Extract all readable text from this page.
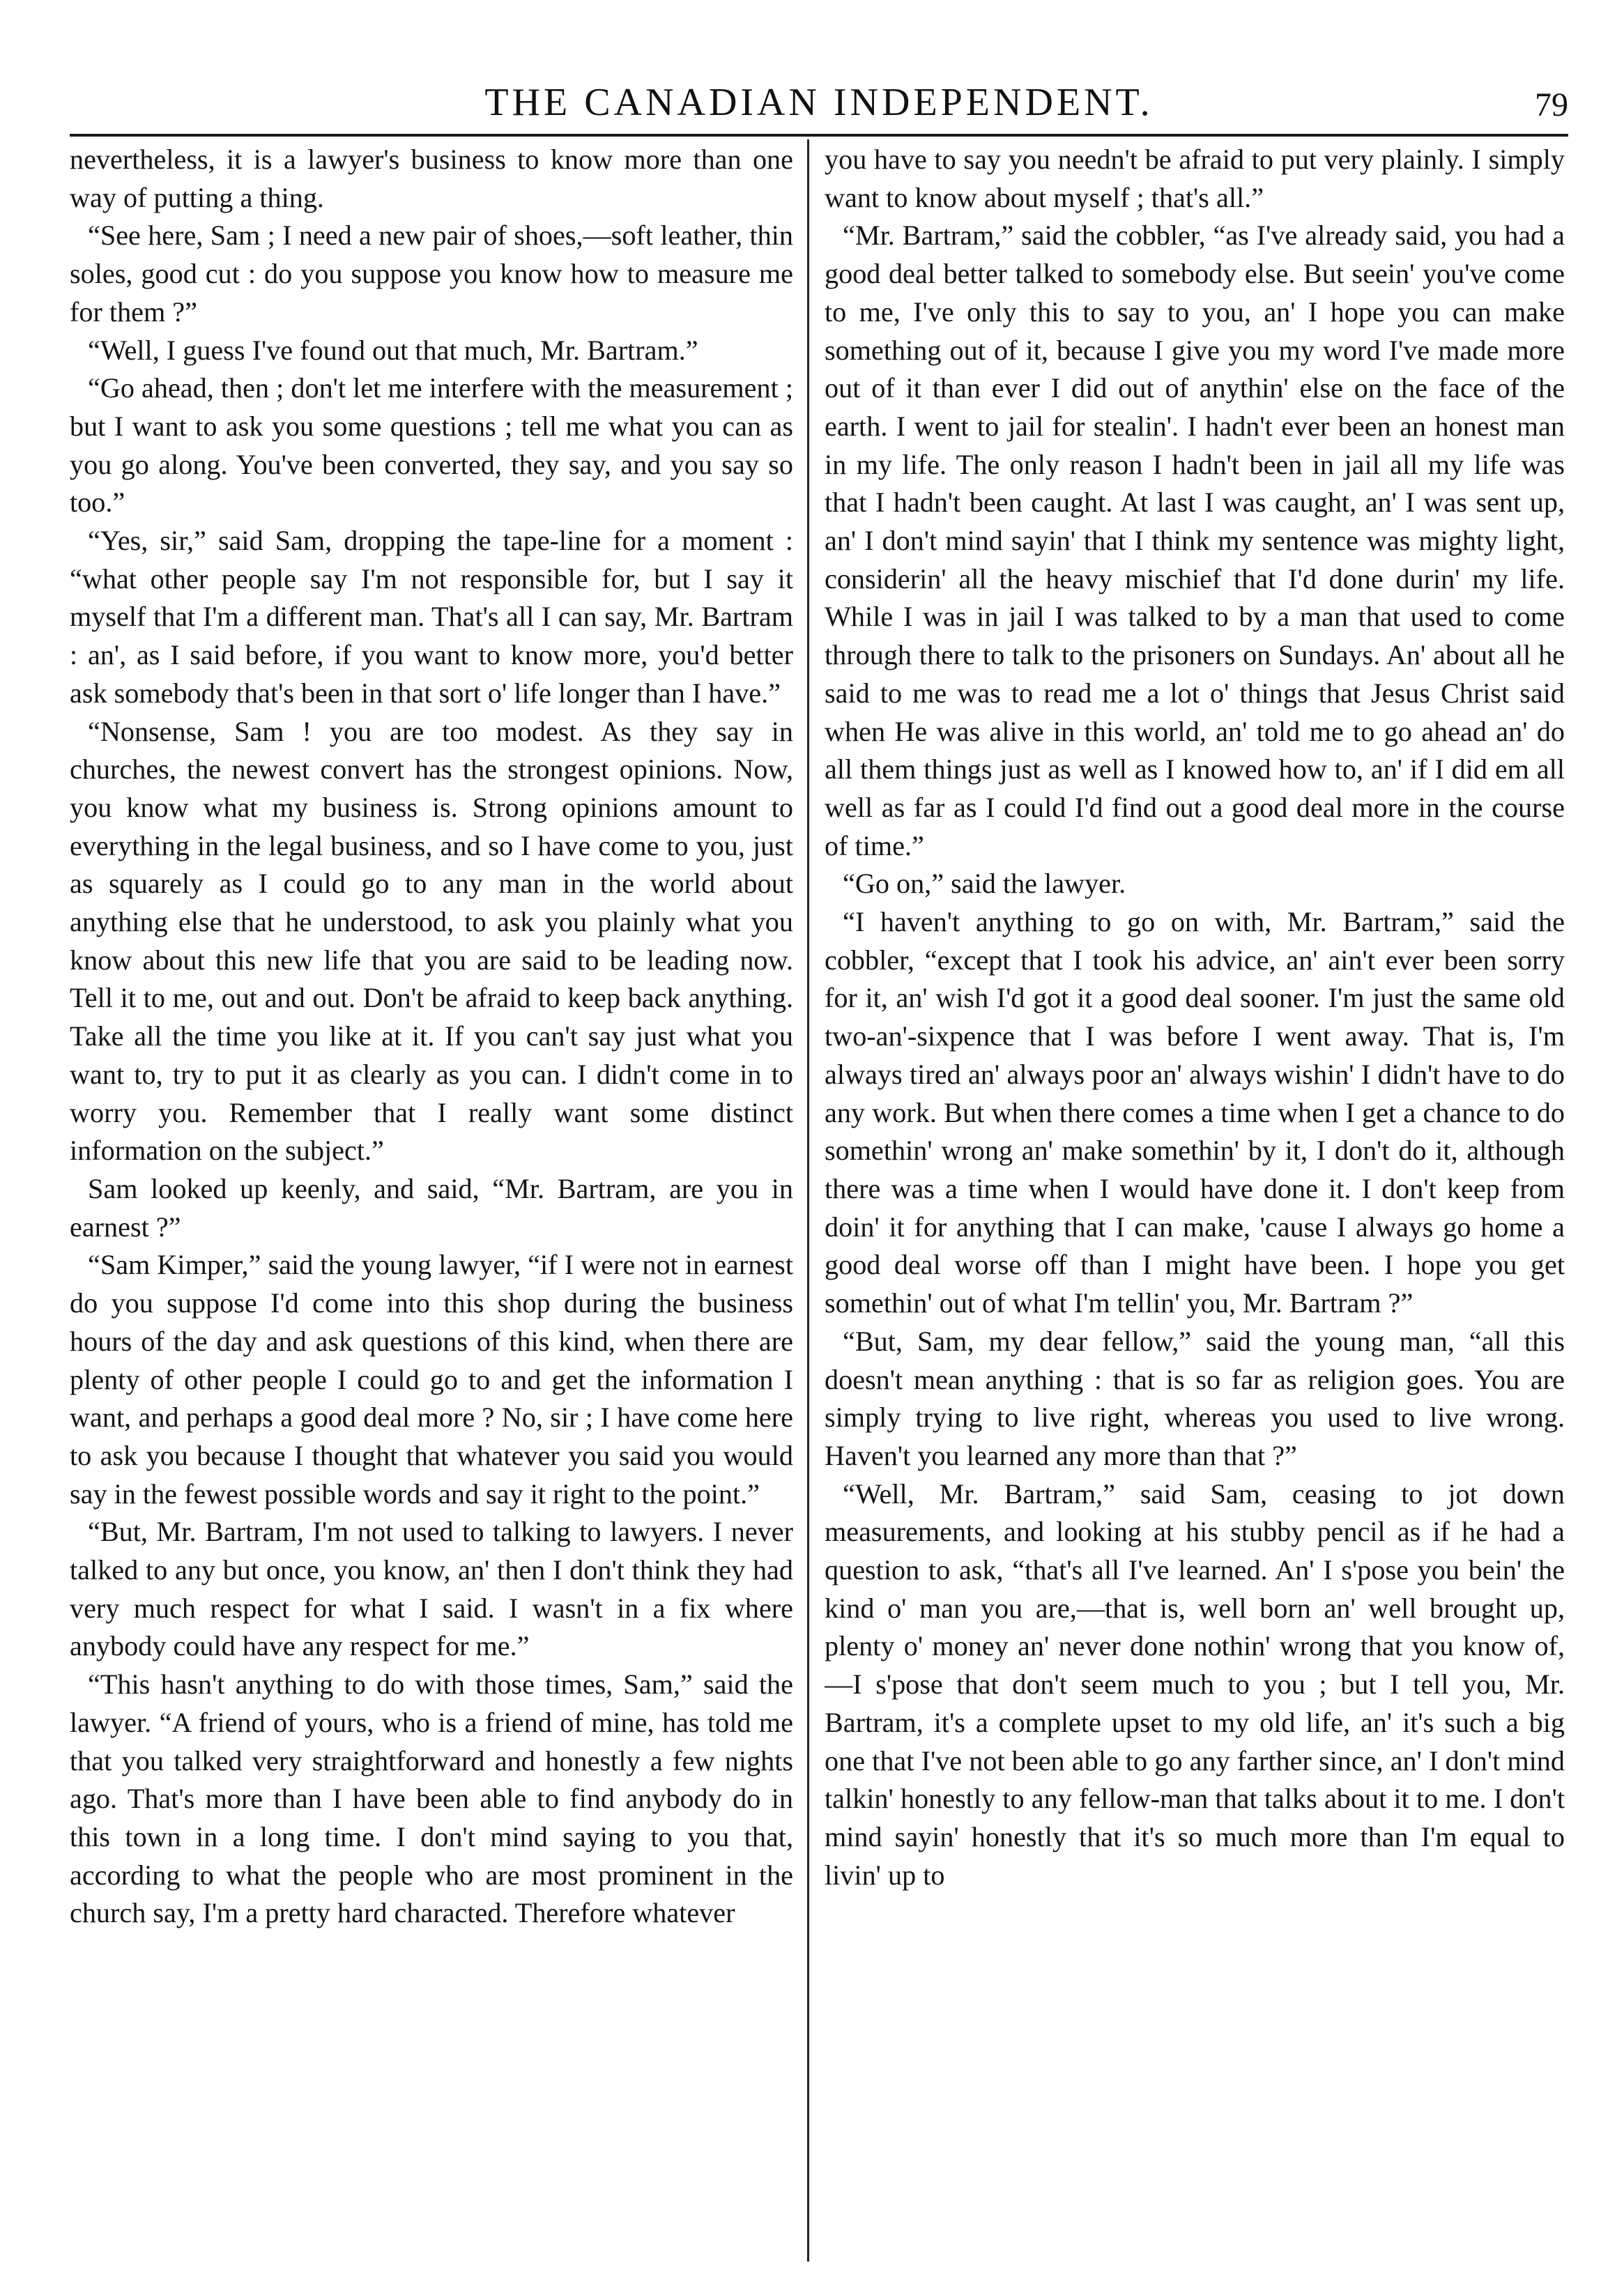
THE CANADIAN INDEPENDENT.	79

nevertheless, it is a lawyer's business to know more than one way of putting a thing.

“See here, Sam ; I need a new pair of shoes,—soft leather, thin soles, good cut : do you suppose you know how to measure me for them ?”

“Well, I guess I've found out that much, Mr. Bartram.”

“Go ahead, then ; don't let me interfere with the measurement ; but I want to ask you some questions ; tell me what you can as you go along. You've been converted, they say, and you say so too.”

“Yes, sir,” said Sam, dropping the tape-line for a moment : “what other people say I'm not responsible for, but I say it myself that I'm a different man. That's all I can say, Mr. Bartram : an', as I said before, if you want to know more, you'd better ask somebody that's been in that sort o' life longer than I have.”

“Nonsense, Sam ! you are too modest. As they say in churches, the newest convert has the strongest opinions. Now, you know what my business is. Strong opinions amount to everything in the legal business, and so I have come to you, just as squarely as I could go to any man in the world about anything else that he understood, to ask you plainly what you know about this new life that you are said to be leading now. Tell it to me, out and out. Don't be afraid to keep back anything. Take all the time you like at it. If you can't say just what you want to, try to put it as clearly as you can. I didn't come in to worry you. Remember that I really want some distinct information on the subject.”

Sam looked up keenly, and said, “Mr. Bartram, are you in earnest ?”

“Sam Kimper,” said the young lawyer, “if I were not in earnest do you suppose I'd come into this shop during the business hours of the day and ask questions of this kind, when there are plenty of other people I could go to and get the information I want, and perhaps a good deal more ? No, sir ; I have come here to ask you because I thought that whatever you said you would say in the fewest possible words and say it right to the point.”

“But, Mr. Bartram, I'm not used to talking to lawyers. I never talked to any but once, you know, an' then I don't think they had very much respect for what I said. I wasn't in a fix where anybody could have any respect for me.”

“This hasn't anything to do with those times, Sam,” said the lawyer. “A friend of yours, who is a friend of mine, has told me that you talked very straightforward and honestly a few nights ago. That's more than I have been able to find anybody do in this town in a long time. I don't mind saying to you that, according to what the people who are most prominent in the church say, I'm a pretty hard characted. Therefore whatever

you have to say you needn't be afraid to put very plainly. I simply want to know about myself ; that's all.”

“Mr. Bartram,” said the cobbler, “as I've already said, you had a good deal better talked to somebody else. But seein' you've come to me, I've only this to say to you, an' I hope you can make something out of it, because I give you my word I've made more out of it than ever I did out of anythin' else on the face of the earth. I went to jail for stealin'. I hadn't ever been an honest man in my life. The only reason I hadn't been in jail all my life was that I hadn't been caught. At last I was caught, an' I was sent up, an' I don't mind sayin' that I think my sentence was mighty light, considerin' all the heavy mischief that I'd done durin' my life. While I was in jail I was talked to by a man that used to come through there to talk to the prisoners on Sundays. An' about all he said to me was to read me a lot o' things that Jesus Christ said when He was alive in this world, an' told me to go ahead an' do all them things just as well as I knowed how to, an' if I did em all well as far as I could I'd find out a good deal more in the course of time.”

“Go on,” said the lawyer.

“I haven't anything to go on with, Mr. Bartram,” said the cobbler, “except that I took his advice, an' ain't ever been sorry for it, an' wish I'd got it a good deal sooner. I'm just the same old two-an'-sixpence that I was before I went away. That is, I'm always tired an' always poor an' always wishin' I didn't have to do any work. But when there comes a time when I get a chance to do somethin' wrong an' make somethin' by it, I don't do it, although there was a time when I would have done it. I don't keep from doin' it for anything that I can make, 'cause I always go home a good deal worse off than I might have been. I hope you get somethin' out of what I'm tellin' you, Mr. Bartram ?”

“But, Sam, my dear fellow,” said the young man, “all this doesn't mean anything : that is so far as religion goes. You are simply trying to live right, whereas you used to live wrong. Haven't you learned any more than that ?”

“Well, Mr. Bartram,” said Sam, ceasing to jot down measurements, and looking at his stubby pencil as if he had a question to ask, “that's all I've learned. An' I s'pose you bein' the kind o' man you are,—that is, well born an' well brought up, plenty o' money an' never done nothin' wrong that you know of,—I s'pose that don't seem much to you ; but I tell you, Mr. Bartram, it's a complete upset to my old life, an' it's such a big one that I've not been able to go any farther since, an' I don't mind talkin' honestly to any fellow-man that talks about it to me. I don't mind sayin' honestly that it's so much more than I'm equal to livin' up to
